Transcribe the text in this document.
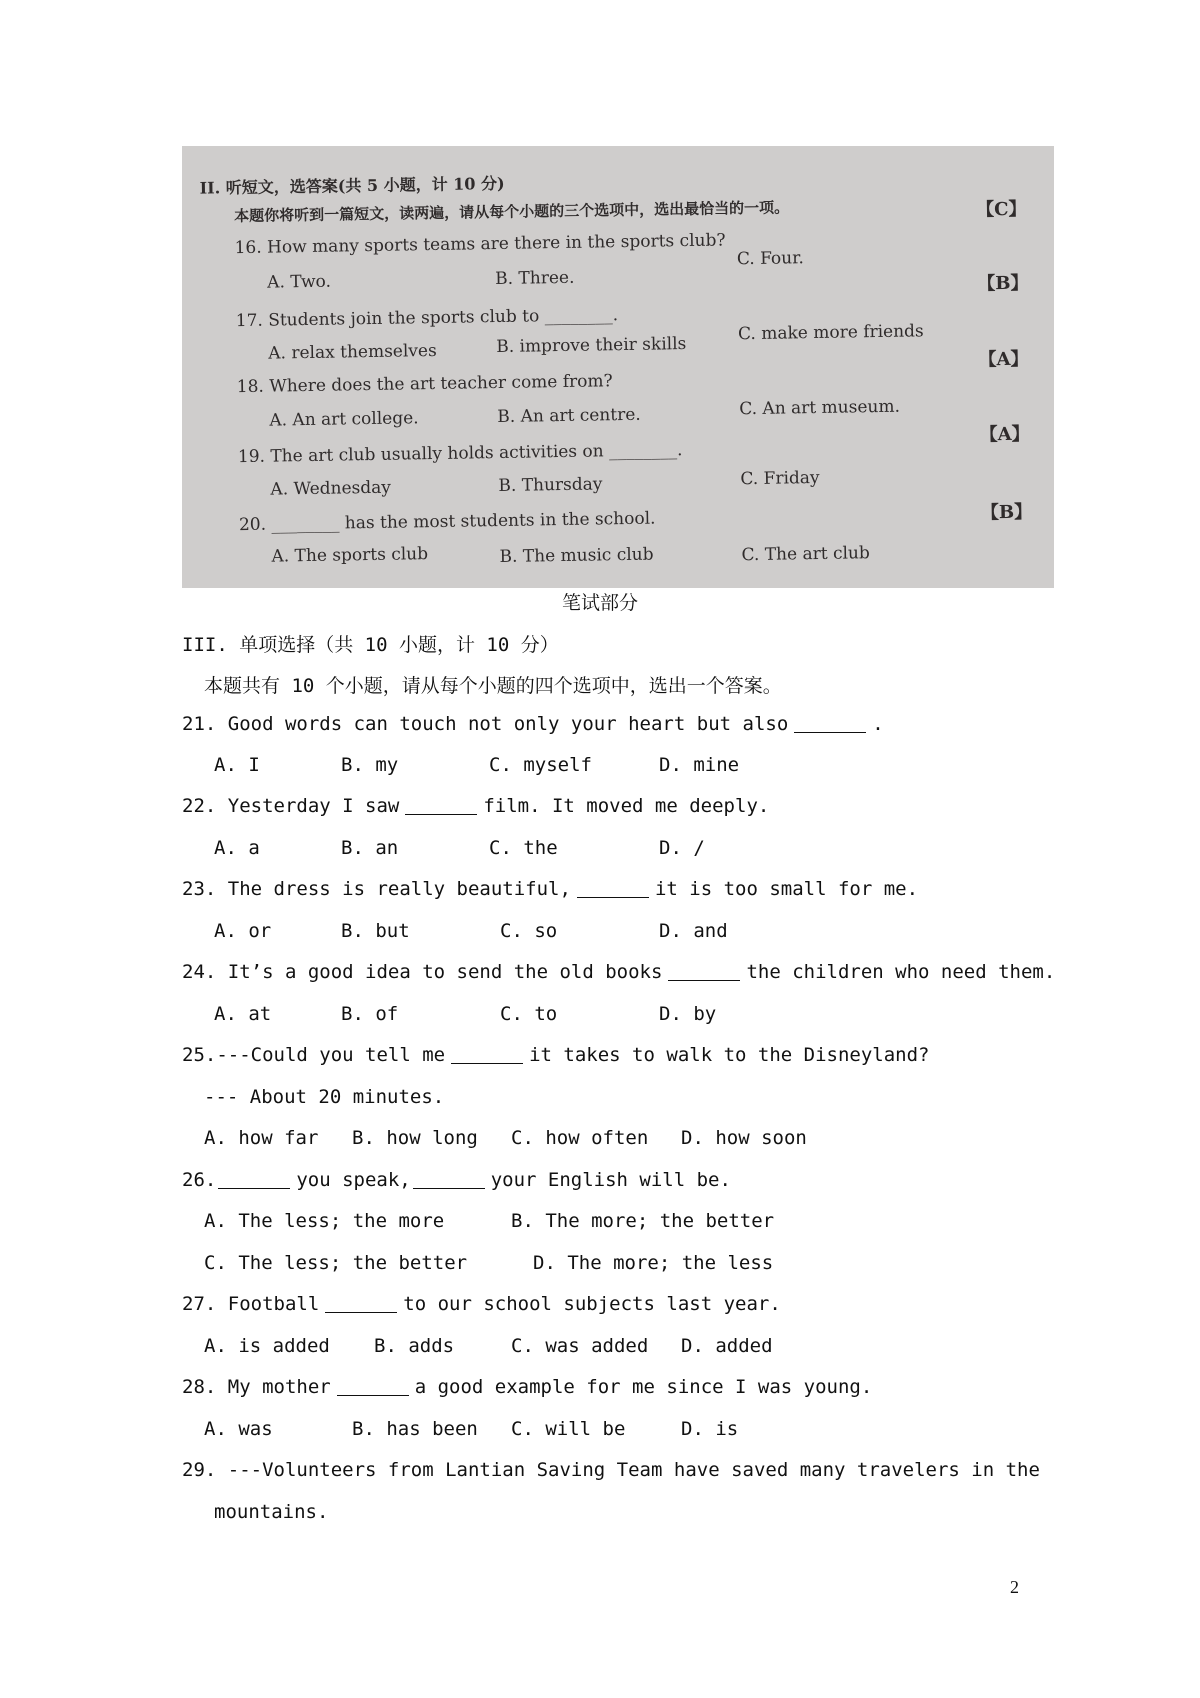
II. 听短文，选答案(共 5 小题，计 10 分)
本题你将听到一篇短文，读两遍，请从每个小题的三个选项中，选出最恰当的一项。
16. How many sports teams are there in the sports club?
【C】
A. Two.	B. Three.
C. Four.
17. Students join the sports club to ________.
【B】
A. relax themselves	B. improve their skills
C. make more friends
18. Where does the art teacher come from?
【A】
A. An art college.	B. An art centre.	C. An art museum.
19. The art club usually holds activities on ________.
【A】
A. Wednesday	B. Thursday	C. Friday
20. ________ has the most students in the school.	【B】
A. The sports club	B. The music club	C. The art club
笔试部分
III. 单项选择（共 10 小题，计 10 分）
本题共有 10 个小题，请从每个小题的四个选项中，选出一个答案。
21. Good words can touch not only your heart but also	.
A. I	B. my	C. myself	D. mine
22. Yesterday I saw	film. It moved me deeply.
A. a	B. an	C. the	D. /
23. The dress is really beautiful,	it is too small for me.
A. or	B. but	C. so	D. and
24. It’s a good idea to send the old books	the children who need them.
A. at	B. of	C. to	D. by
25.---Could you tell me	it takes to walk to the Disneyland?
--- About 20 minutes.
A. how far B. how long C. how often D. how soon
26.	you speak,	your English will be.
A. The less; the more	B. The more; the better
C. The less; the better	D. The more; the less
27. Football	to our school subjects last year.
A. is added B. adds	C. was added D. added
28. My mother	a good example for me since I was young.
A. was	B. has been C. will be	D. is
29. ---Volunteers from Lantian Saving Team have saved many travelers in the
mountains.
2
